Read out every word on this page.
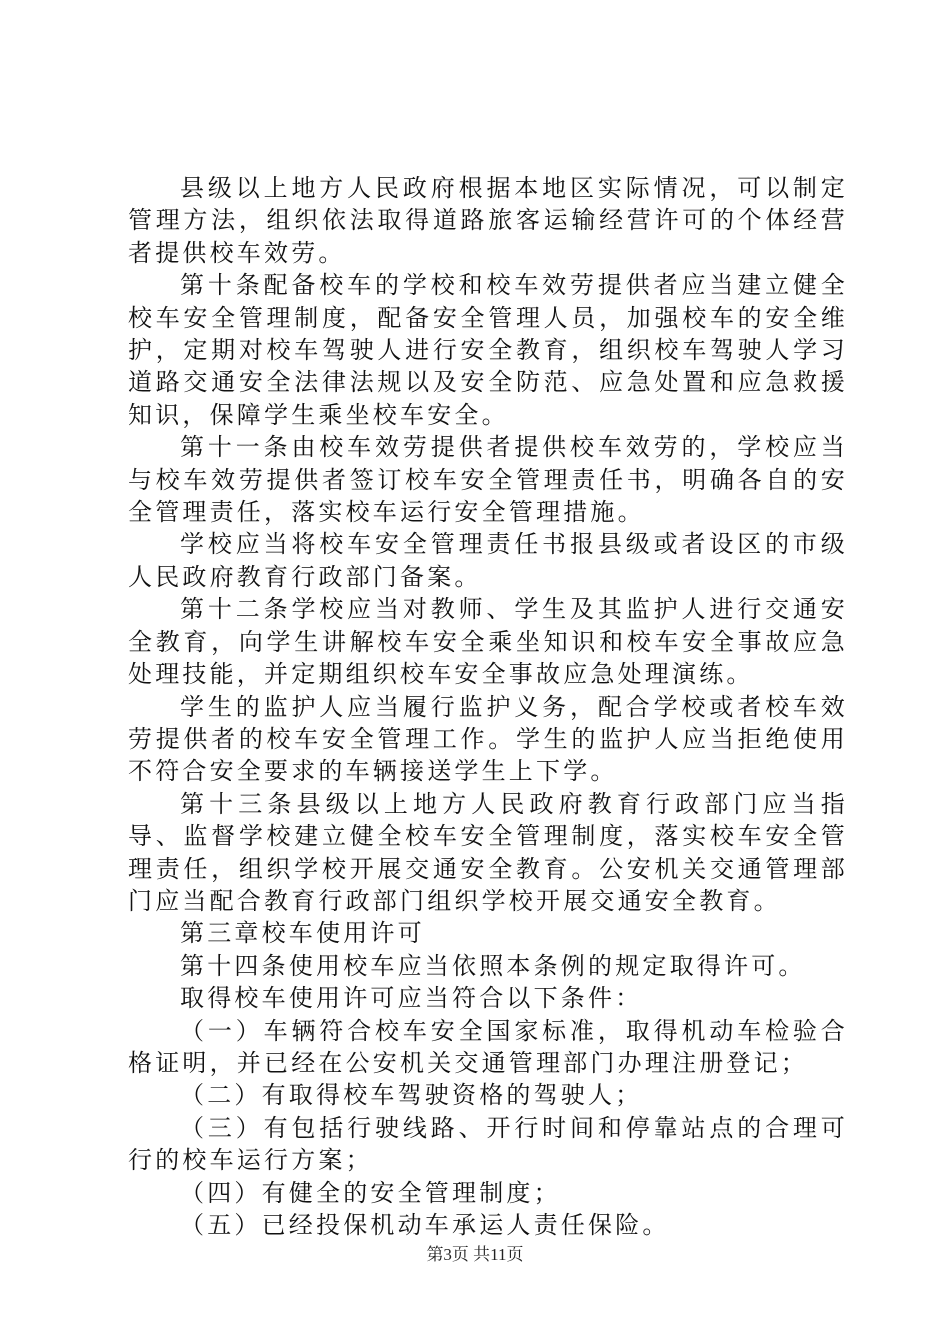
县级以上地方人民政府根据本地区实际情况，可以制定管理方法，组织依法取得道路旅客运输经营许可的个体经营者提供校车效劳。

第十条配备校车的学校和校车效劳提供者应当建立健全校车安全管理制度，配备安全管理人员，加强校车的安全维护，定期对校车驾驶人进行安全教育，组织校车驾驶人学习道路交通安全法律法规以及安全防范、应急处置和应急救援知识，保障学生乘坐校车安全。

第十一条由校车效劳提供者提供校车效劳的，学校应当与校车效劳提供者签订校车安全管理责任书，明确各自的安全管理责任，落实校车运行安全管理措施。

学校应当将校车安全管理责任书报县级或者设区的市级人民政府教育行政部门备案。

第十二条学校应当对教师、学生及其监护人进行交通安全教育，向学生讲解校车安全乘坐知识和校车安全事故应急处理技能，并定期组织校车安全事故应急处理演练。

学生的监护人应当履行监护义务，配合学校或者校车效劳提供者的校车安全管理工作。学生的监护人应当拒绝使用不符合安全要求的车辆接送学生上下学。

第十三条县级以上地方人民政府教育行政部门应当指导、监督学校建立健全校车安全管理制度，落实校车安全管理责任，组织学校开展交通安全教育。公安机关交通管理部门应当配合教育行政部门组织学校开展交通安全教育。

第三章校车使用许可

第十四条使用校车应当依照本条例的规定取得许可。

取得校车使用许可应当符合以下条件：

（一）车辆符合校车安全国家标准，取得机动车检验合格证明，并已经在公安机关交通管理部门办理注册登记；

（二）有取得校车驾驶资格的驾驶人；

（三）有包括行驶线路、开行时间和停靠站点的合理可行的校车运行方案；

（四）有健全的安全管理制度；

（五）已经投保机动车承运人责任保险。

第3页 共11页
